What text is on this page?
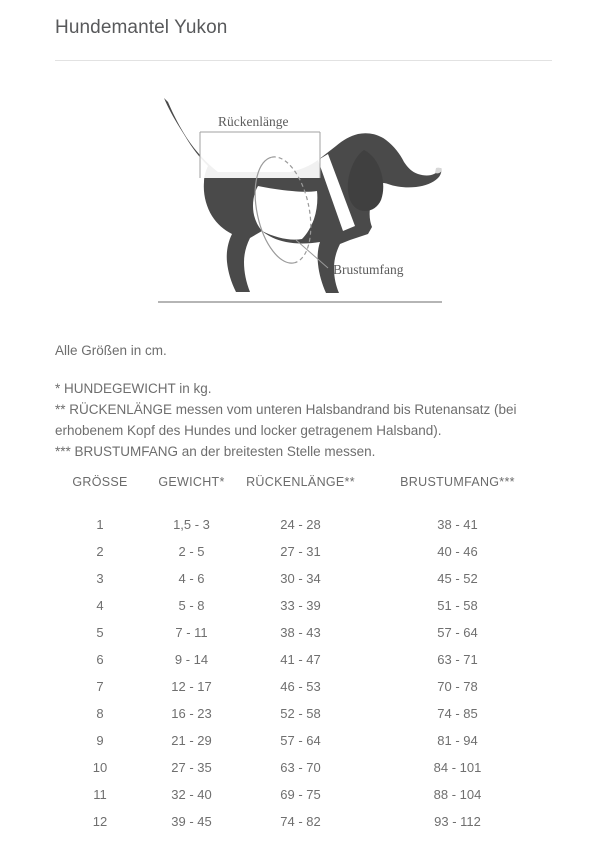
Hundemantel Yukon
Rückenlänge
Brustumfang

Alle Größen in cm.

* HUNDEGEWICHT in kg.
** RÜCKENLÄNGE messen vom unteren Halsbandrand bis Rutenansatz (bei
erhobenem Kopf des Hundes und locker getragenem Halsband).
*** BRUSTUMFANG an der breitesten Stelle messen.

GRÖSSE	GEWICHT*	RÜCKENLÄNGE**	BRUSTUMFANG***
1	1,5 - 3	24 - 28	38 - 41
2	2 - 5	27 - 31	40 - 46
3	4 - 6	30 - 34	45 - 52
4	5 - 8	33 - 39	51 - 58
5	7 - 11	38 - 43	57 - 64
6	9 - 14	41 - 47	63 - 71
7	12 - 17	46 - 53	70 - 78
8	16 - 23	52 - 58	74 - 85
9	21 - 29	57 - 64	81 - 94
10	27 - 35	63 - 70	84 - 101
11	32 - 40	69 - 75	88 - 104
12	39 - 45	74 - 82	93 - 112
